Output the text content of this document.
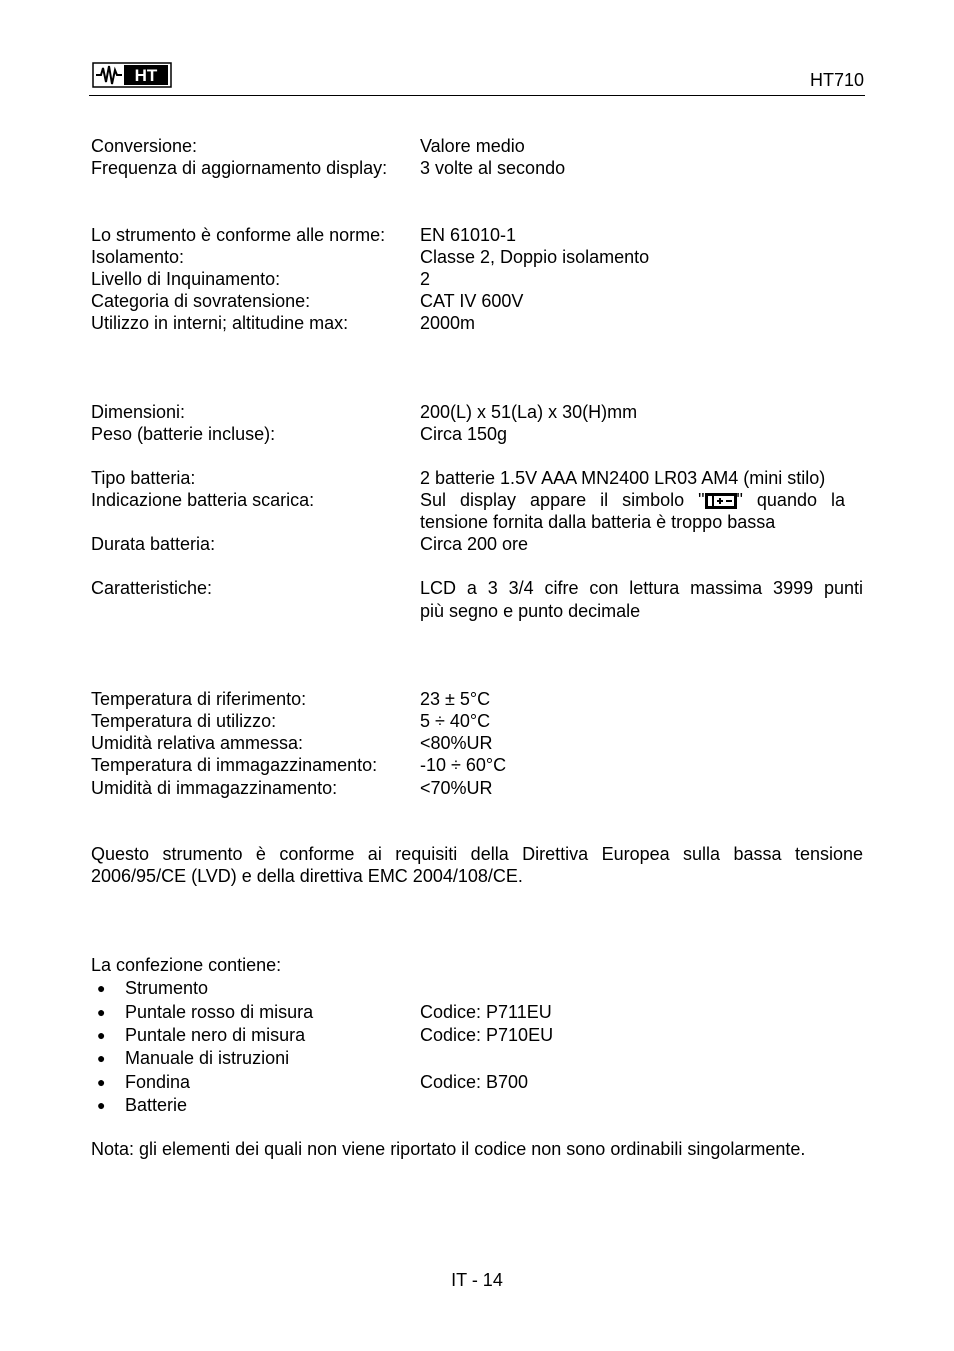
HT	HT710
Conversione:	Valore medio
Frequenza di aggiornamento display: 3 volte al secondo
Lo strumento è conforme alle norme: EN 61010-1
Isolamento:	Classe 2, Doppio isolamento
Livello di Inquinamento:	2
Categoria di sovratensione:	CAT IV 600V
Utilizzo in interni; altitudine max:	2000m
Dimensioni:	200(L) x 51(La) x 30(H)mm
Peso (batterie incluse):	Circa 150g
Tipo batteria:	2 batterie 1.5V AAA MN2400 LR03 AM4 (mini stilo)
Indicazione batteria scarica:	Sul display appare il simbolo " " quando la
tensione fornita dalla batteria è troppo bassa
Durata batteria:	Circa 200 ore
Caratteristiche:	LCD a 3 3/4 cifre con lettura massima 3999 punti
più segno e punto decimale
Temperatura di riferimento:	23 ± 5°C
Temperatura di utilizzo:	5 ÷ 40°C
Umidità relativa ammessa:	<80%UR
Temperatura di immagazzinamento: -10 ÷ 60°C
Umidità di immagazzinamento:	<70%UR
Questo strumento è conforme ai requisiti della Direttiva Europea sulla bassa tensione
2006/95/CE (LVD) e della direttiva EMC 2004/108/CE.
La confezione contiene:
● Strumento
● Puntale rosso di misura	Codice: P711EU
● Puntale nero di misura	Codice: P710EU
● Manuale di istruzioni
● Fondina	Codice: B700
● Batterie
Nota: gli elementi dei quali non viene riportato il codice non sono ordinabili singolarmente.
IT - 14
